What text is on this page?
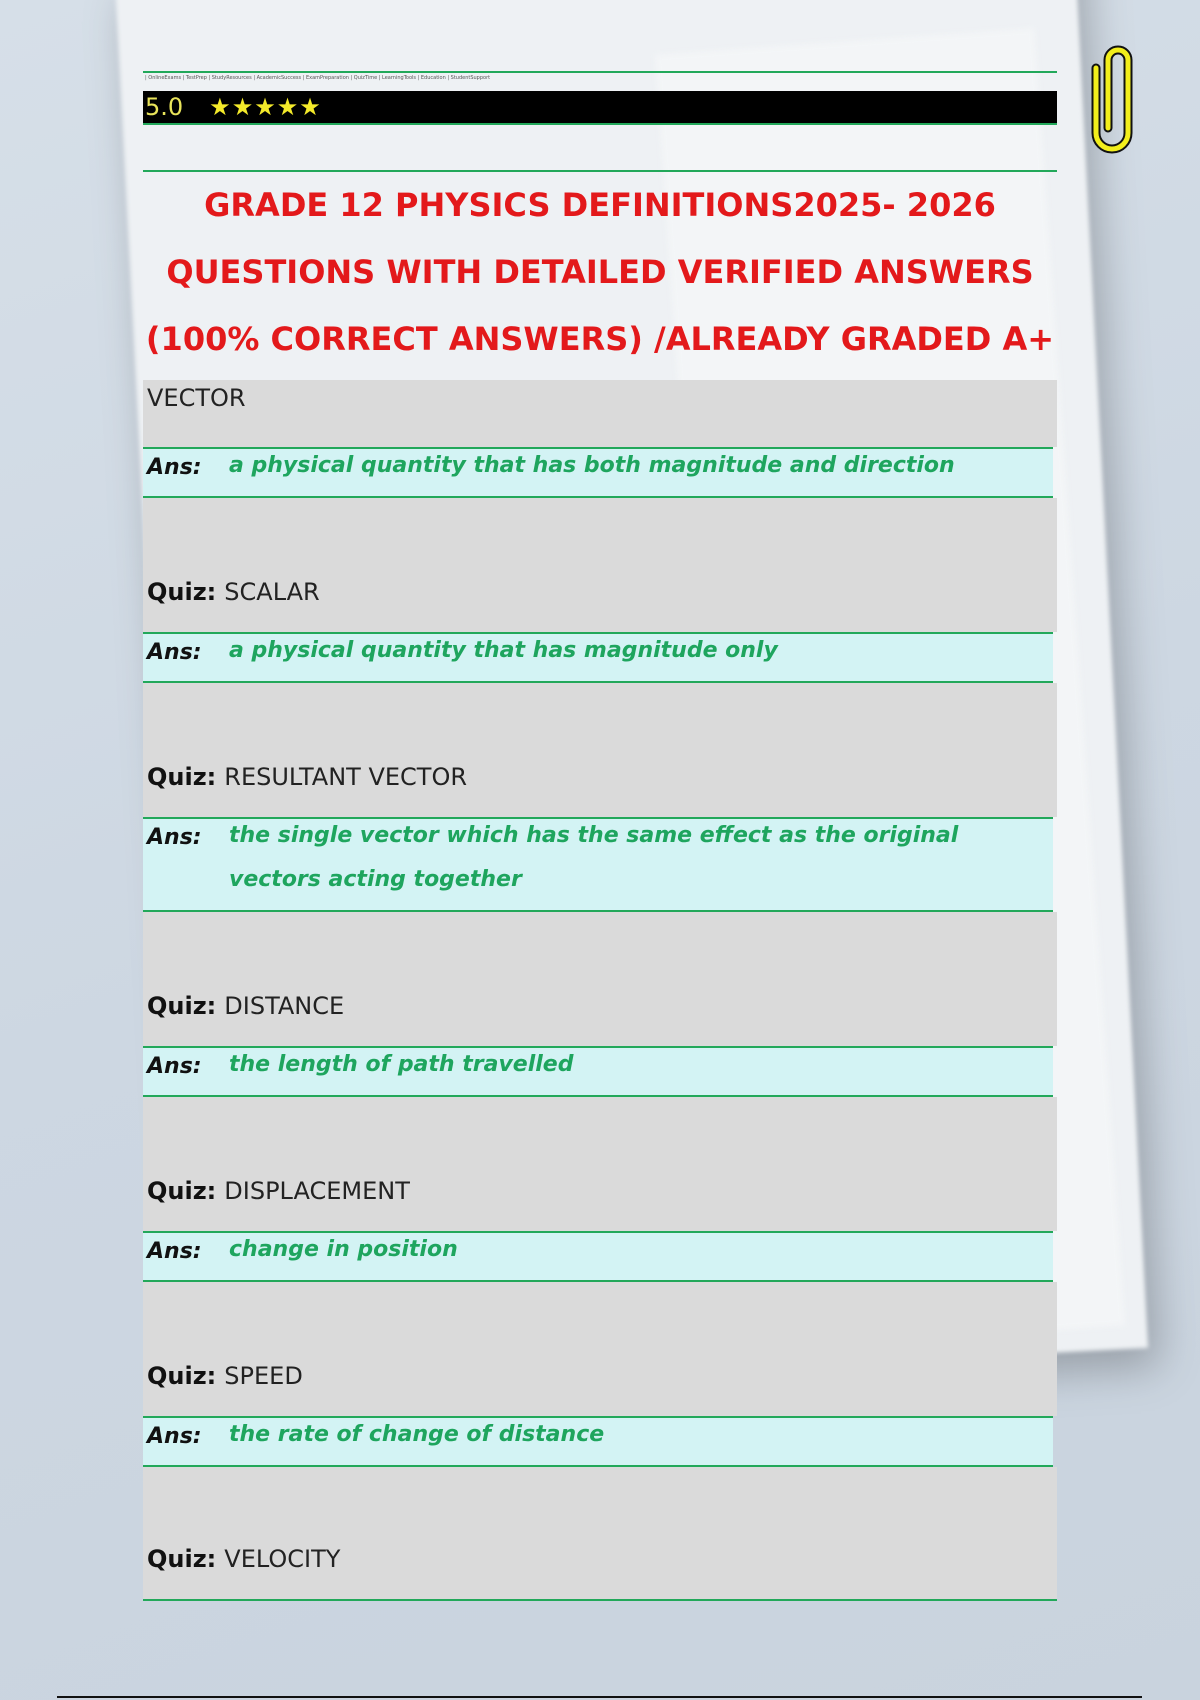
| OnlineExams | TestPrep | StudyResources | AcademicSuccess | ExamPreparation | QuizTime | LearningTools | Education | StudentSupport
5.0 ★★★★★
GRADE 12 PHYSICS DEFINITIONS2025- 2026 QUESTIONS WITH DETAILED VERIFIED ANSWERS (100% CORRECT ANSWERS) /ALREADY GRADED A+
VECTOR
Ans:	a physical quantity that has both magnitude and direction
Quiz: SCALAR
Ans:	a physical quantity that has magnitude only
Quiz: RESULTANT VECTOR
Ans:	the single vector which has the same effect as the original vectors acting together
Quiz: DISTANCE
Ans:	the length of path travelled
Quiz: DISPLACEMENT
Ans:	change in position
Quiz: SPEED
Ans:	the rate of change of distance
Quiz: VELOCITY
